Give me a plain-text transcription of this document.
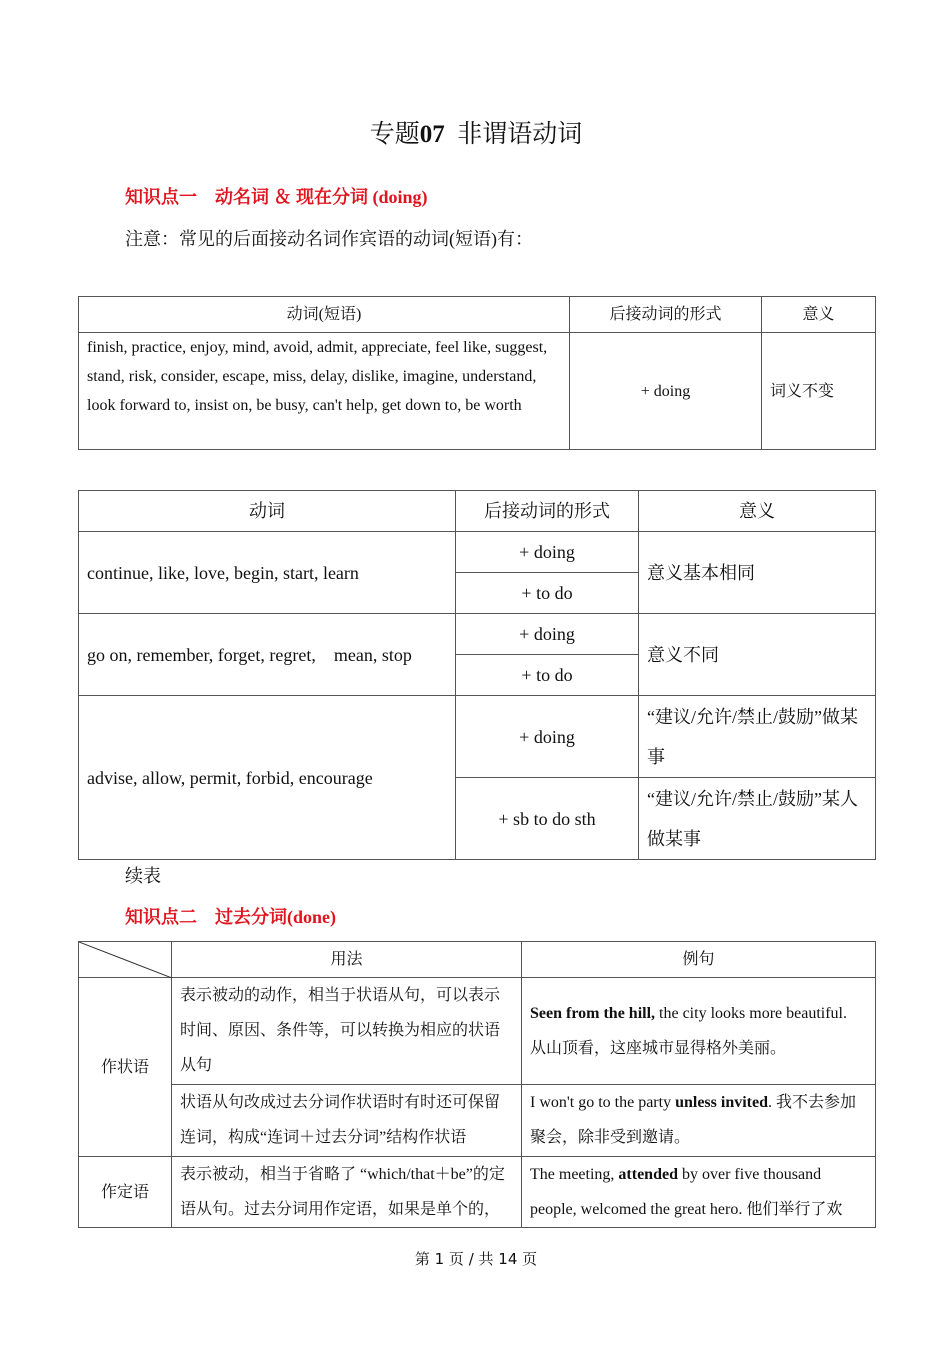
专题07 非谓语动词
知识点一　动名词 ＆ 现在分词 (doing)
注意：常见的后面接动名词作宾语的动词(短语)有：
动词(短语)	后接动词的形式	意义
finish, practice, enjoy, mind, avoid, admit, appreciate, feel like, suggest, stand, risk, consider, escape, miss, delay, dislike, imagine, understand, look forward to, insist on, be busy, can't help, get down to, be worth	+ doing	词义不变
动词	后接动词的形式	意义
continue, like, love, begin, start, learn	+ doing	意义基本相同
	+ to do	
go on, remember, forget, regret,　mean, stop	+ doing	意义不同
	+ to do	
advise, allow, permit, forbid, encourage	+ doing	“建议/允许/禁止/鼓励”做某事
	+ sb to do sth	“建议/允许/禁止/鼓励”某人做某事
续表
知识点二　过去分词(done)
	用法	例句
作状语	表示被动的动作，相当于状语从句，可以表示时间、原因、条件等，可以转换为相应的状语从句	Seen from the hill, the city looks more beautiful.
从山顶看，这座城市显得格外美丽。
	状语从句改成过去分词作状语时有时还可保留连词，构成“连词＋过去分词”结构作状语	I won't go to the party unless invited. 我不去参加聚会，除非受到邀请。
作定语	表示被动，相当于省略了 “which/that＋be”的定语从句。过去分词用作定语，如果是单个的，	The meeting, attended by over five thousand people, welcomed the great hero. 他们举行了欢
第 1 页 / 共 14 页
